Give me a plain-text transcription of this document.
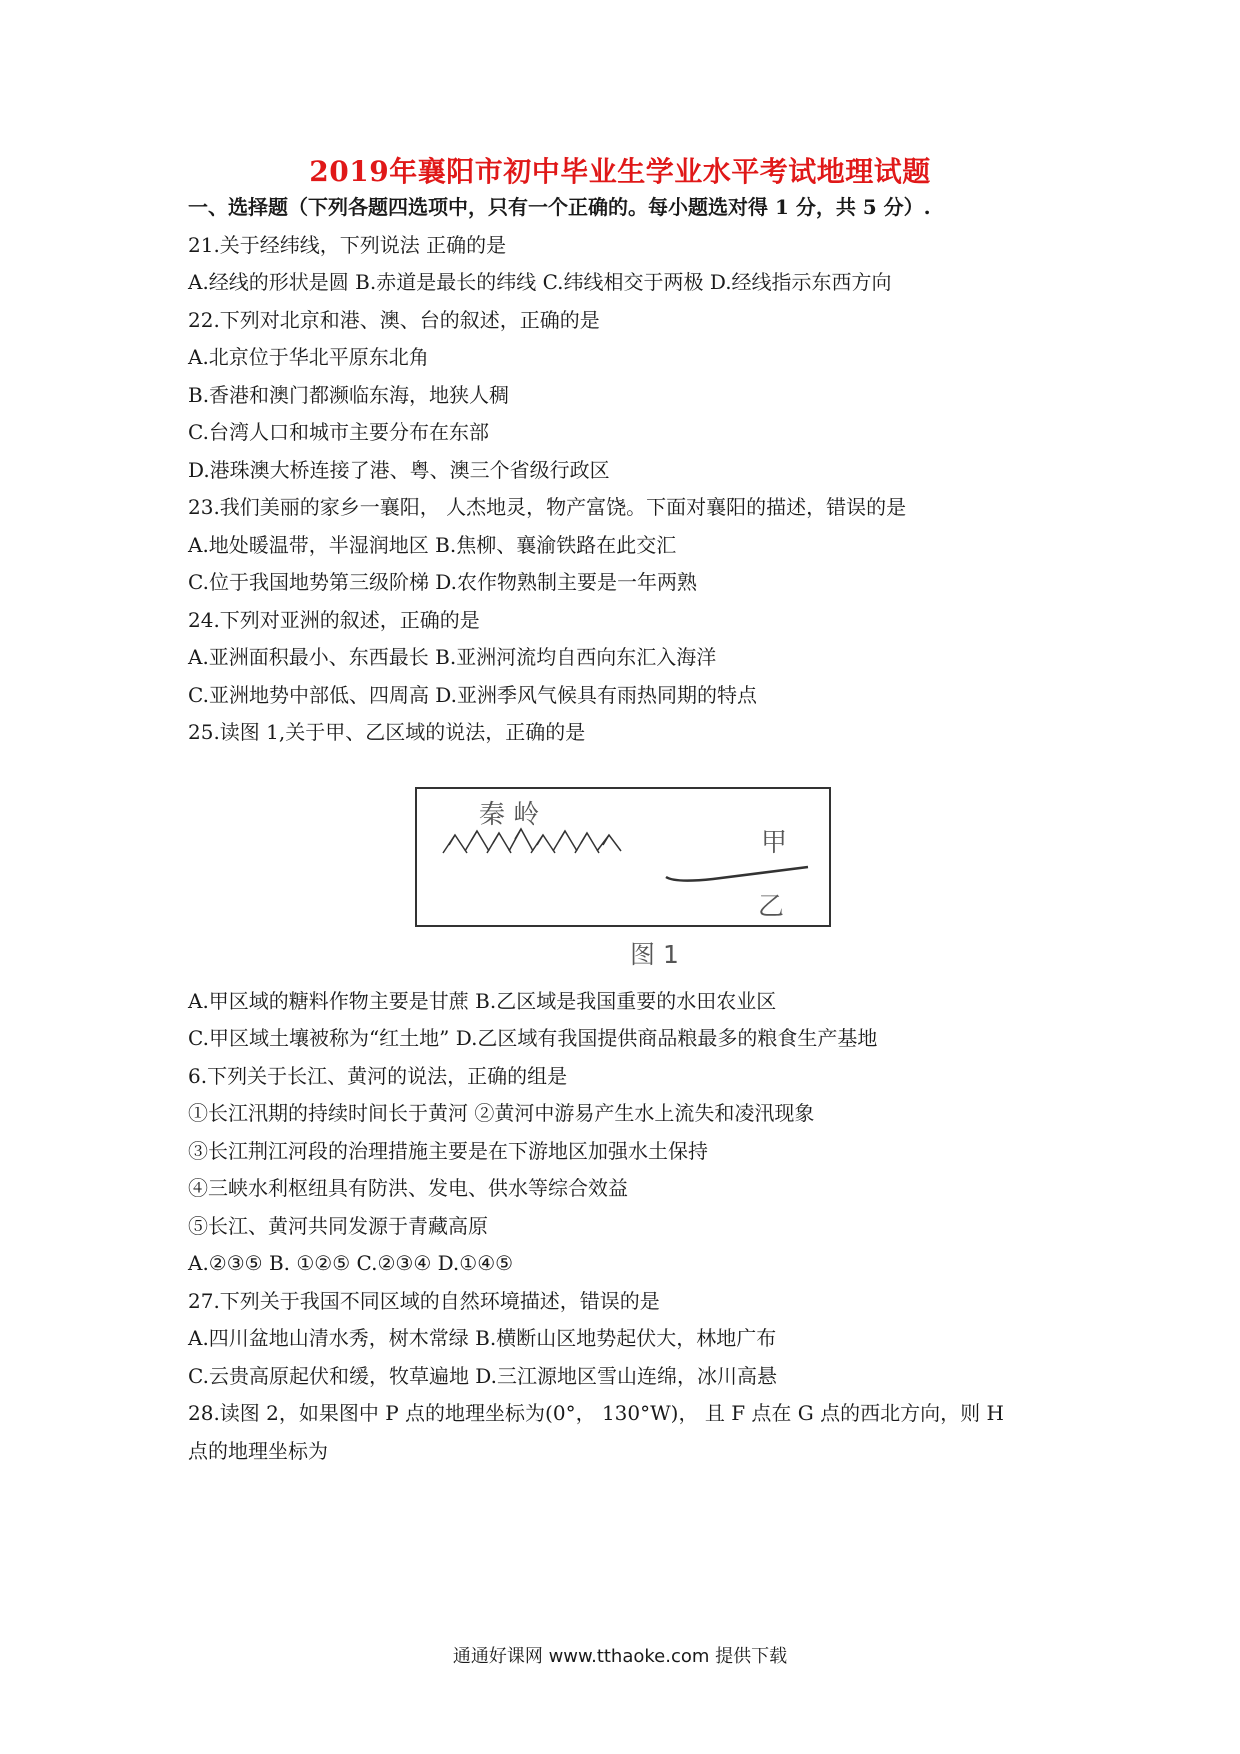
2019年襄阳市初中毕业生学业水平考试地理试题
一、选择题（下列各题四选项中，只有一个正确的。每小题选对得 1 分，共 5 分）.
21.关于经纬线，下列说法 正确的是
A.经线的形状是圆 B.赤道是最长的纬线 C.纬线相交于两极 D.经线指示东西方向
22.下列对北京和港、澳、台的叙述，正确的是
A.北京位于华北平原东北角
B.香港和澳门都濒临东海，地狭人稠
C.台湾人口和城市主要分布在东部
D.港珠澳大桥连接了港、粤、澳三个省级行政区
23.我们美丽的家乡一襄阳， 人杰地灵，物产富饶。下面对襄阳的描述，错误的是
A.地处暖温带，半湿润地区 B.焦柳、襄渝铁路在此交汇
C.位于我国地势第三级阶梯 D.农作物熟制主要是一年两熟
24.下列对亚洲的叙述，正确的是
A.亚洲面积最小、东西最长 B.亚洲河流均自西向东汇入海洋
C.亚洲地势中部低、四周高 D.亚洲季风气候具有雨热同期的特点
25.读图 1,关于甲、乙区域的说法，正确的是
秦 岭
甲
乙
图 1
A.甲区域的糖料作物主要是甘蔗 B.乙区域是我国重要的水田农业区
C.甲区域土壤被称为“红土地” D.乙区域有我国提供商品粮最多的粮食生产基地
6.下列关于长江、黄河的说法，正确的组是
①长江汛期的持续时间长于黄河 ②黄河中游易产生水上流失和凌汛现象
③长江荆江河段的治理措施主要是在下游地区加强水土保持
④三峡水利枢纽具有防洪、发电、供水等综合效益
⑤长江、黄河共同发源于青藏高原
A.②③⑤ B. ①②⑤ C.②③④ D.①④⑤
27.下列关于我国不同区域的自然环境描述，错误的是
A.四川盆地山清水秀，树木常绿 B.横断山区地势起伏大，林地广布
C.云贵高原起伏和缓，牧草遍地 D.三江源地区雪山连绵，冰川高悬
28.读图 2，如果图中 P 点的地理坐标为(0°， 130°W)， 且 F 点在 G 点的西北方向，则 H
点的地理坐标为
通通好课网 www.tthaoke.com 提供下载
